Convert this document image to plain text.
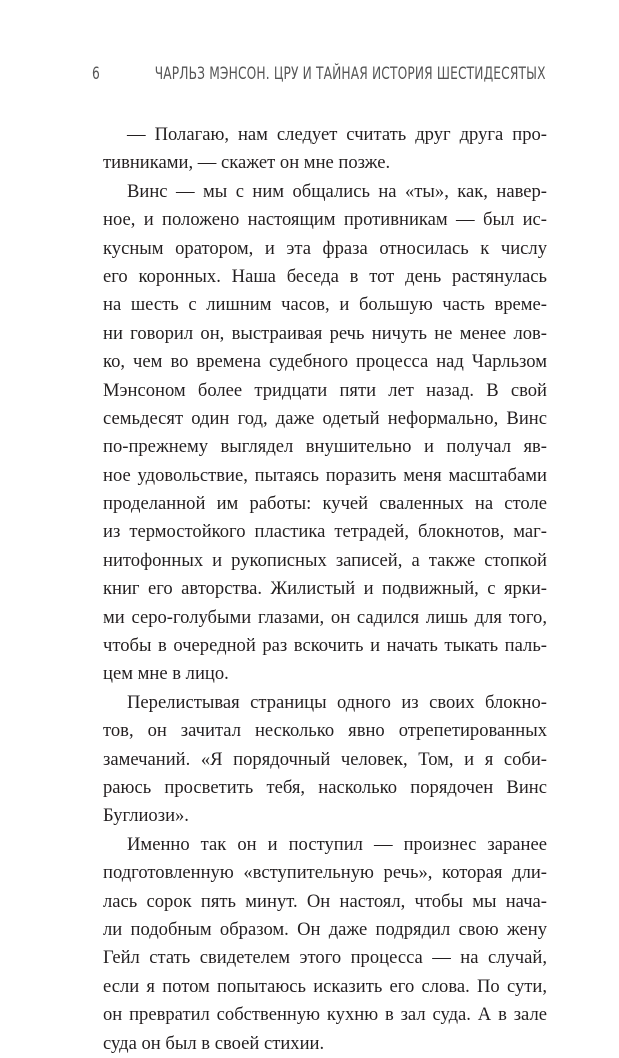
6	ЧАРЛЬЗ МЭНСОН. ЦРУ И ТАЙНАЯ ИСТОРИЯ ШЕСТИДЕСЯТЫХ
— Полагаю, нам следует считать друг друга про-
тивниками, — скажет он мне позже.
Винс — мы с ним общались на «ты», как, навер-
ное, и положено настоящим противникам — был ис-
кусным оратором, и эта фраза относилась к числу
его коронных. Наша беседа в тот день растянулась
на шесть с лишним часов, и большую часть време-
ни говорил он, выстраивая речь ничуть не менее лов-
ко, чем во времена судебного процесса над Чарльзом
Мэнсоном более тридцати пяти лет назад. В свой
семьдесят один год, даже одетый неформально, Винс
по-прежнему выглядел внушительно и получал яв-
ное удовольствие, пытаясь поразить меня масштабами
проделанной им работы: кучей сваленных на столе
из термостойкого пластика тетрадей, блокнотов, маг-
нитофонных и рукописных записей, а также стопкой
книг его авторства. Жилистый и подвижный, с ярки-
ми серо-голубыми глазами, он садился лишь для того,
чтобы в очередной раз вскочить и начать тыкать паль-
цем мне в лицо.
Перелистывая страницы одного из своих блокно-
тов, он зачитал несколько явно отрепетированных
замечаний. «Я порядочный человек, Том, и я соби-
раюсь просветить тебя, насколько порядочен Винс
Буглиози».
Именно так он и поступил — произнес заранее
подготовленную «вступительную речь», которая дли-
лась сорок пять минут. Он настоял, чтобы мы нача-
ли подобным образом. Он даже подрядил свою жену
Гейл стать свидетелем этого процесса — на случай,
если я потом попытаюсь исказить его слова. По сути,
он превратил собственную кухню в зал суда. А в зале
суда он был в своей стихии.
